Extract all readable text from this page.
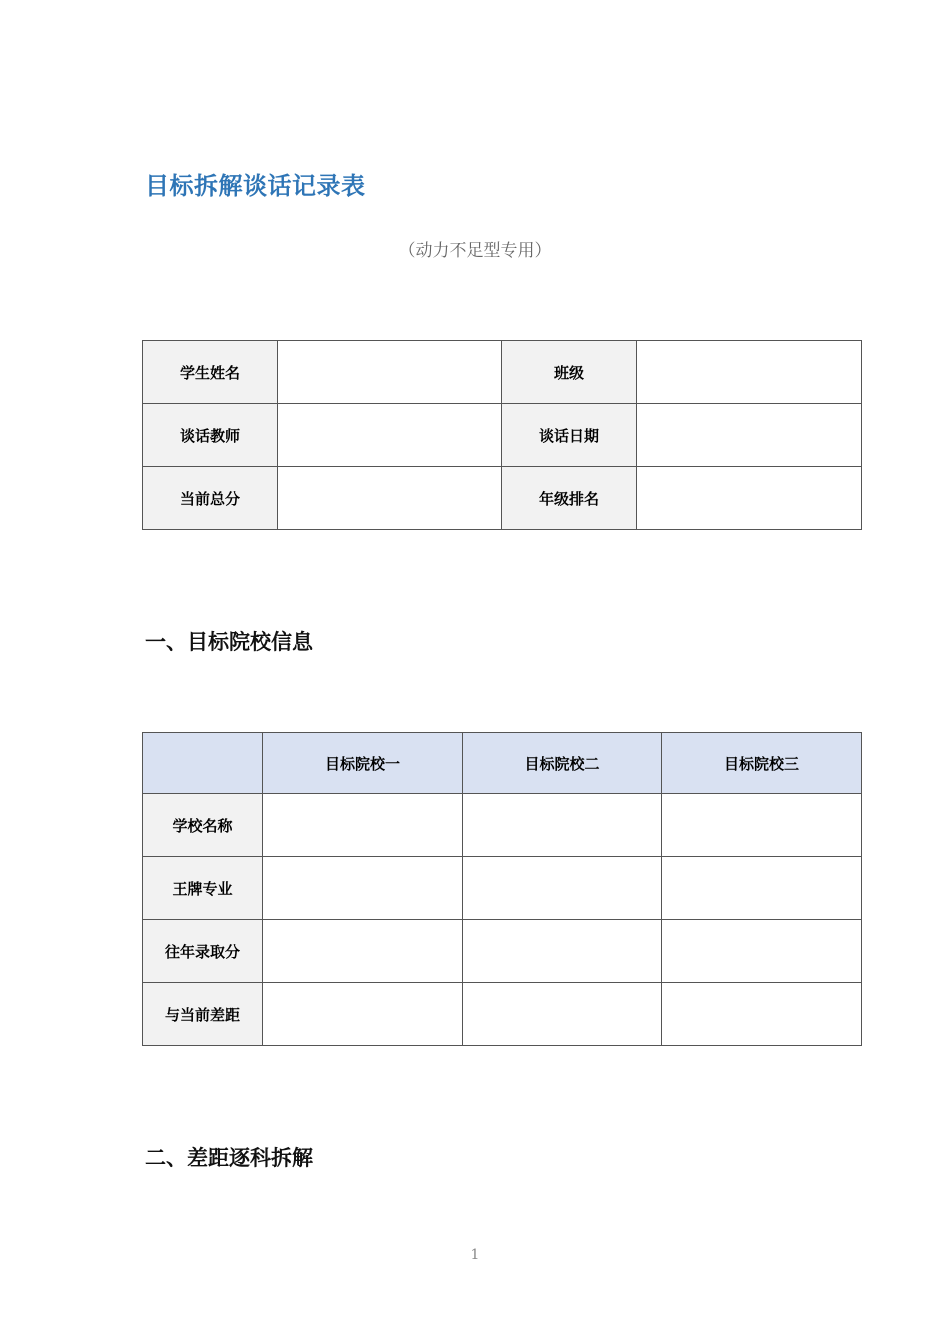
目标拆解谈话记录表
（动力不足型专用）
学生姓名		班级	
谈话教师		谈话日期	
当前总分		年级排名	
一、目标院校信息
	目标院校一	目标院校二	目标院校三
学校名称			
王牌专业			
往年录取分			
与当前差距			
二、差距逐科拆解
1
